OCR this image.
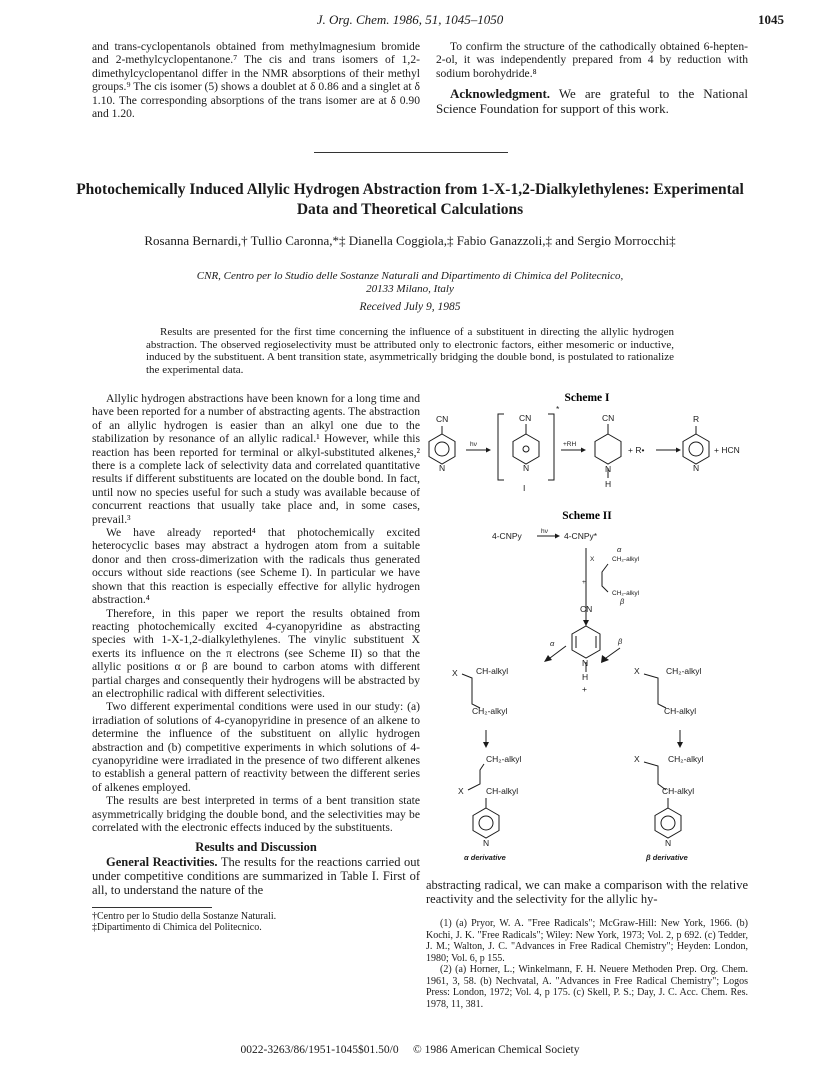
J. Org. Chem. 1986, 51, 1045–1050	1045

and trans-cyclopentanols obtained from methylmagnesium bromide and 2-methylcyclopentanone.⁷ The cis and trans isomers of 1,2-dimethylcyclopentanol differ in the NMR absorptions of their methyl groups.⁹ The cis isomer (5) shows a doublet at δ 0.86 and a singlet at δ 1.10. The corresponding absorptions of the trans isomer are at δ 0.90 and 1.20.

To confirm the structure of the cathodically obtained 6-hepten-2-ol, it was independently prepared from 4 by reduction with sodium borohydride.⁸

Acknowledgment. We are grateful to the National Science Foundation for support of this work.

Photochemically Induced Allylic Hydrogen Abstraction from 1-X-1,2-Dialkylethylenes: Experimental Data and Theoretical Calculations
Rosanna Bernardi,† Tullio Caronna,*‡ Dianella Coggiola,‡ Fabio Ganazzoli,‡ and Sergio Morrocchi‡
CNR, Centro per lo Studio delle Sostanze Naturali and Dipartimento di Chimica del Politecnico,
20133 Milano, Italy
Received July 9, 1985
Results are presented for the first time concerning the influence of a substituent in directing the allylic hydrogen abstraction. The observed regioselectivity must be attributed only to electronic factors, either mesomeric or inductive, induced by the substituent. A bent transition state, asymmetrically bridging the double bond, is postulated to rationalize the experimental data.

Allylic hydrogen abstractions have been known for a long time and have been reported for a number of abstracting agents. The abstraction of an allylic hydrogen is easier than an alkyl one due to the stabilization by resonance of an allylic radical.¹ However, while this reaction has been reported for terminal or alkyl-substituted alkenes,² there is a complete lack of selectivity data and correlated quantitative results if different substituents are located on the double bond. In fact, until now no species useful for such a study was available because of concurrent reactions that usually take place and, in some cases, prevail.³

We have already reported⁴ that photochemically excited heterocyclic bases may abstract a hydrogen atom from a suitable donor and then cross-dimerization with the radicals thus generated occurs without side reactions (see Scheme I). In particular we have shown that this reaction is especially effective for allylic hydrogen abstraction.⁴

Therefore, in this paper we report the results obtained from reacting photochemically excited 4-cyanopyridine as abstracting species with 1-X-1,2-dialkylethylenes. The vinylic substituent X exerts its influence on the π electrons (see Scheme II) so that the allylic positions α or β are bound to carbon atoms with different partial charges and consequently their hydrogens will be abstracted by an electrophilic radical with different selectivities.

Two different experimental conditions were used in our study: (a) irradiation of solutions of 4-cyanopyridine in presence of an alkene to determine the influence of the substituent on allylic hydrogen abstraction and (b) competitive experiments in which solutions of 4-cyanopyridine were irradiated in the presence of two different alkenes to establish a general pattern of reactivity between the different series of alkenes employed.

The results are best interpreted in terms of a bent transition state asymmetrically bridging the double bond, and the selectivities may be correlated with the electronic effects induced by the substituents.

Results and Discussion

General Reactivities. The results for the reactions carried out under competitive conditions are summarized in Table I. First of all, to understand the nature of the

†Centro per lo Studio della Sostanze Naturali.

‡Dipartimento di Chimica del Politecnico.

abstracting radical, we can make a comparison with the relative reactivity and the selectivity for the allylic hy-

(1) (a) Pryor, W. A. "Free Radicals"; McGraw-Hill: New York, 1966. (b) Kochi, J. K. "Free Radicals"; Wiley: New York, 1973; Vol. 2, p 692. (c) Tedder, J. M.; Walton, J. C. "Advances in Free Radical Chemistry"; Heyden: London, 1980; Vol. 6, p 155.

(2) (a) Horner, L.; Winkelmann, F. H. Neuere Methoden Prep. Org. Chem. 1961, 3, 58. (b) Nechvatal, A. "Advances in Free Radical Chemistry"; Logos Press: London, 1972; Vol. 4, p 175. (c) Skell, P. S.; Day, J. C. Acc. Chem. Res. 1978, 11, 381.

Scheme I
CN
N
hν
CN
*
N
I
+RH
CN
N
H
+ R•
R
N
+ HCN
Scheme II
4-CNPy	hν 4-CNPy*
X
α
CH₂-alkyl
+
CH₂-alkyl
β
CN
N
H
+
α	β
X CH-alkyl
CH₂-alkyl
X	CH₂-alkyl
CH-alkyl
CH₂-alkyl
X	CH-alkyl
N
α derivative
X	CH₂-alkyl
CH-alkyl
N
β derivative
0022-3263/86/1951-1045$01.50/0 © 1986 American Chemical Society
